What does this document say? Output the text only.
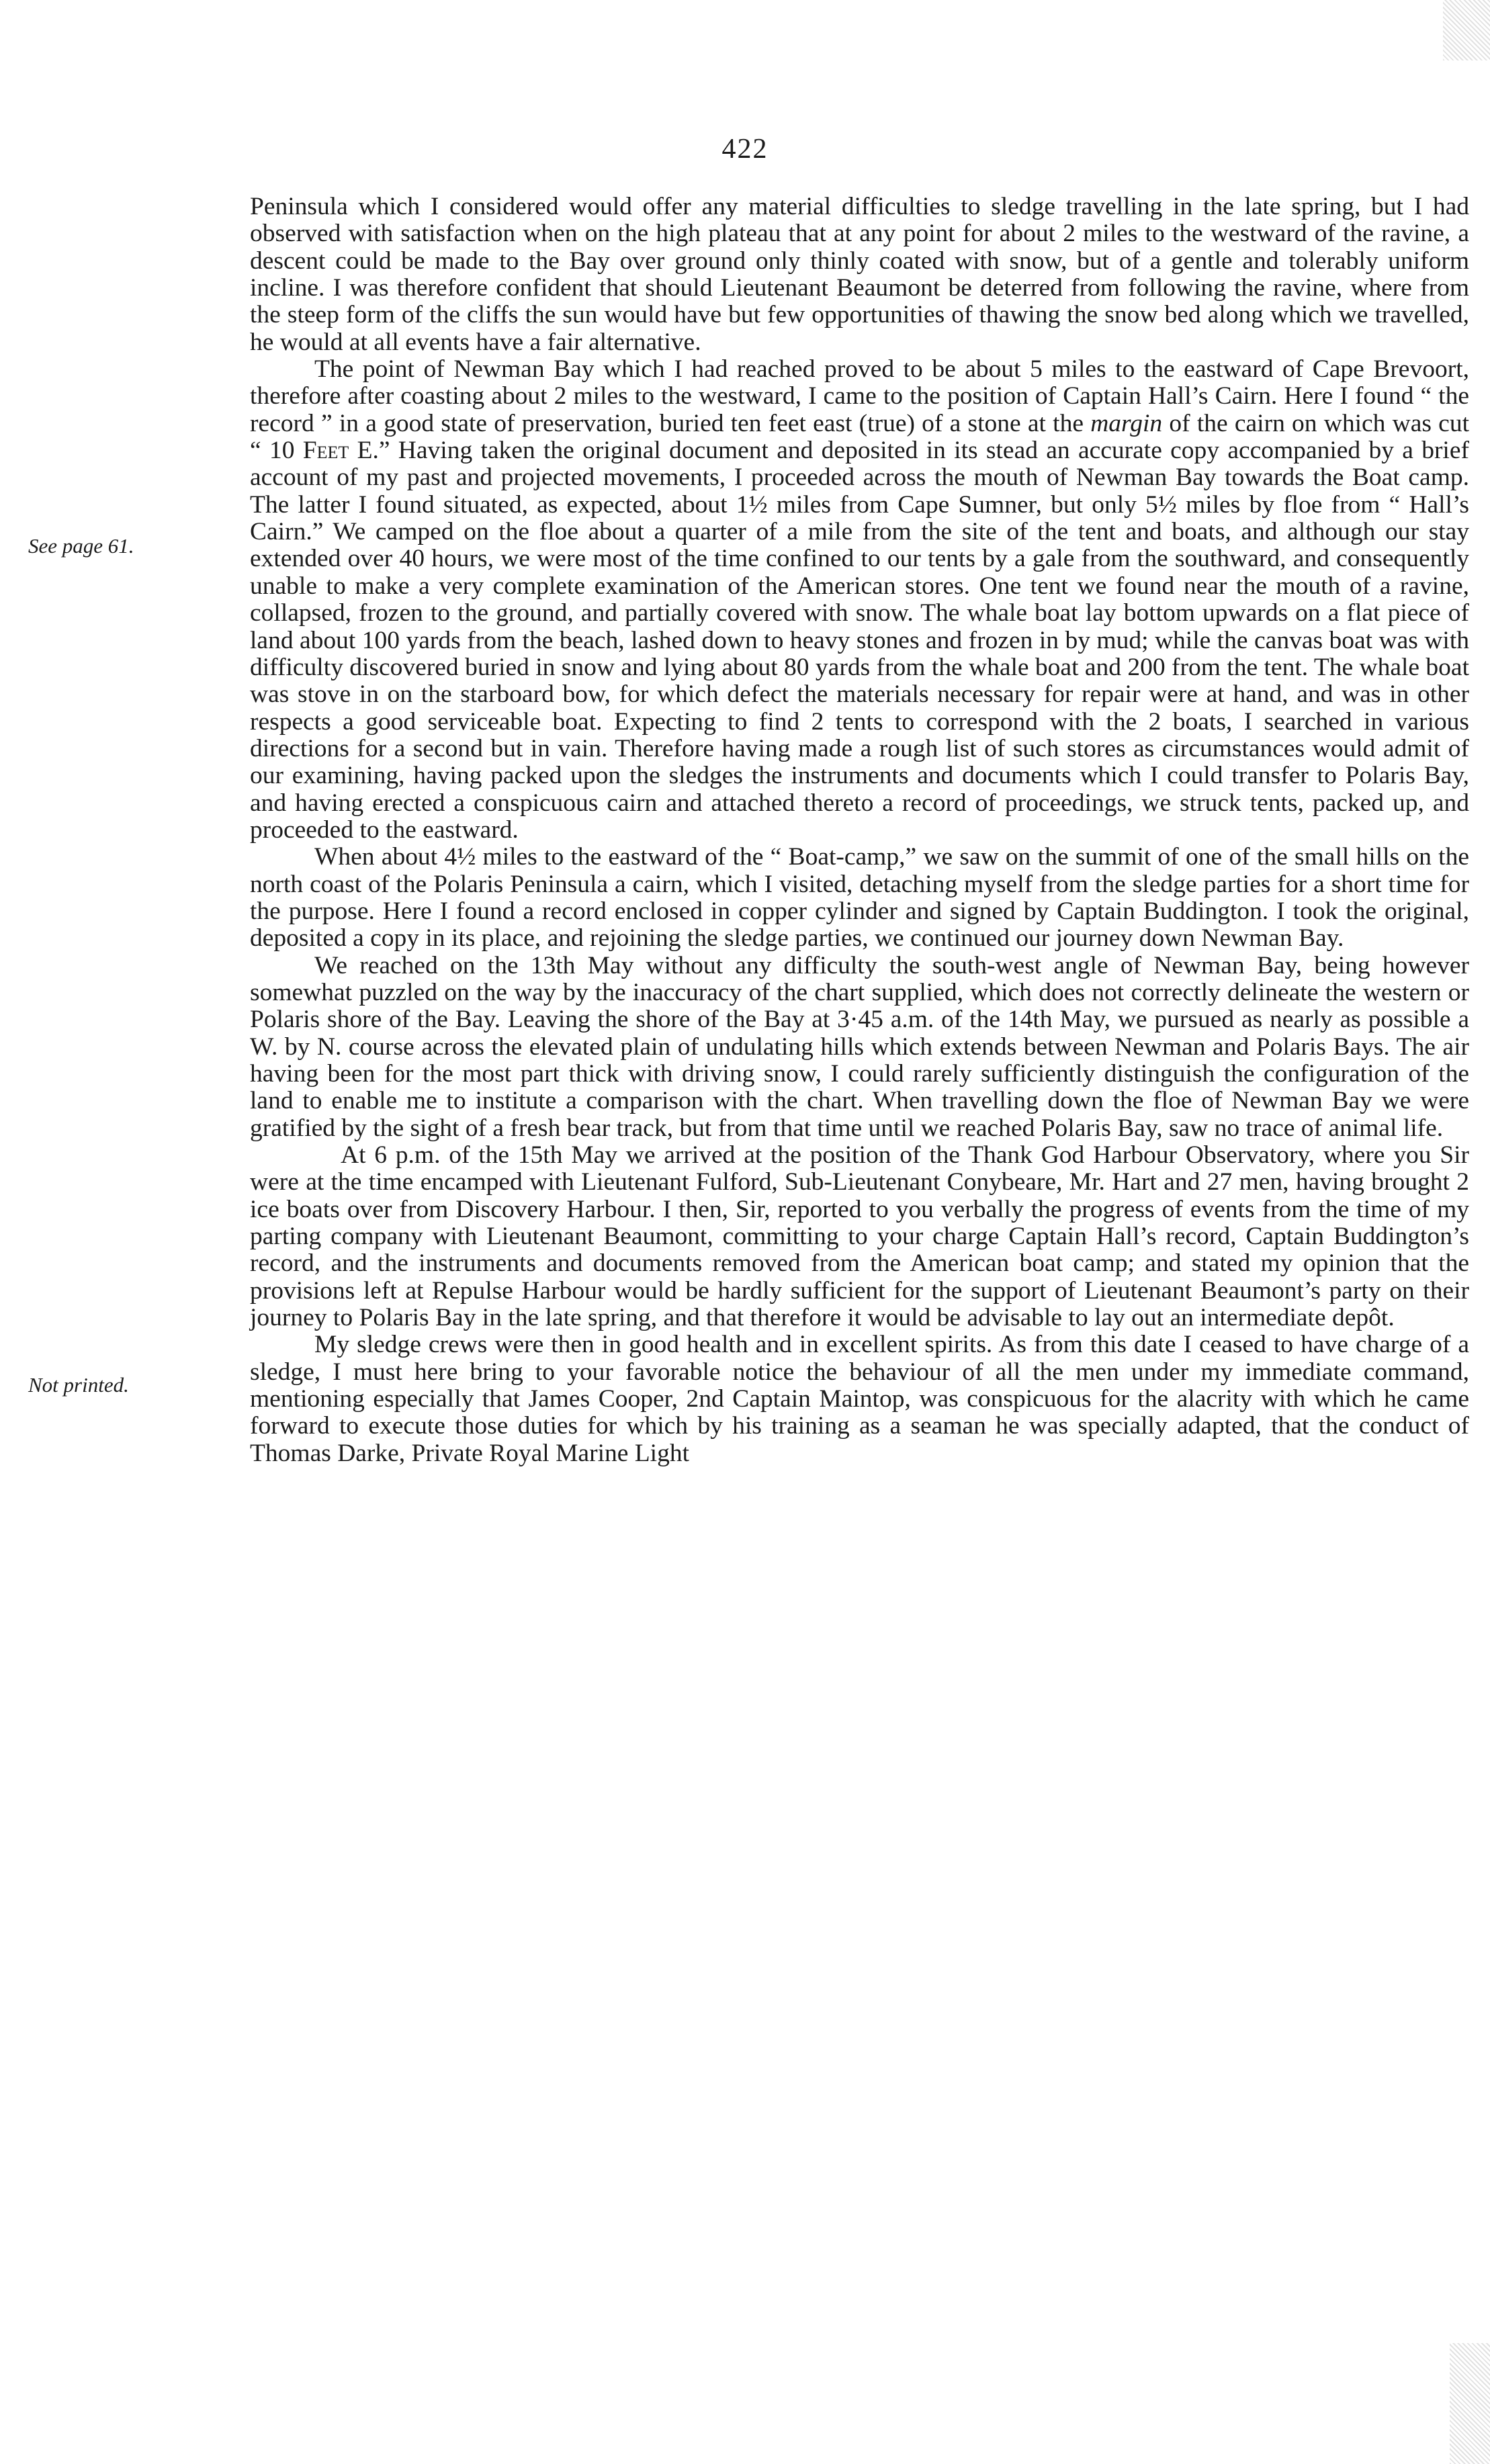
422
See page 61.
Not printed.

Peninsula which I considered would offer any material difficulties to sledge travelling in the late spring, but I had observed with satisfaction when on the high plateau that at any point for about 2 miles to the westward of the ravine, a descent could be made to the Bay over ground only thinly coated with snow, but of a gentle and tolerably uniform incline. I was therefore confident that should Lieutenant Beaumont be deterred from following the ravine, where from the steep form of the cliffs the sun would have but few opportunities of thawing the snow bed along which we travelled, he would at all events have a fair alternative.

The point of Newman Bay which I had reached proved to be about 5 miles to the eastward of Cape Brevoort, therefore after coasting about 2 miles to the westward, I came to the position of Captain Hall’s Cairn. Here I found “ the record ” in a good state of preservation, buried ten feet east (true) of a stone at the margin of the cairn on which was cut “ 10 Feet E.” Having taken the original document and deposited in its stead an accurate copy accompanied by a brief account of my past and projected movements, I proceeded across the mouth of Newman Bay towards the Boat camp. The latter I found situated, as expected, about 1½ miles from Cape Sumner, but only 5½ miles by floe from “ Hall’s Cairn.” We camped on the floe about a quarter of a mile from the site of the tent and boats, and although our stay extended over 40 hours, we were most of the time confined to our tents by a gale from the southward, and consequently unable to make a very complete examination of the American stores. One tent we found near the mouth of a ravine, collapsed, frozen to the ground, and partially covered with snow. The whale boat lay bottom upwards on a flat piece of land about 100 yards from the beach, lashed down to heavy stones and frozen in by mud; while the canvas boat was with difficulty discovered buried in snow and lying about 80 yards from the whale boat and 200 from the tent. The whale boat was stove in on the starboard bow, for which defect the materials necessary for repair were at hand, and was in other respects a good serviceable boat. Expecting to find 2 tents to correspond with the 2 boats, I searched in various directions for a second but in vain. Therefore having made a rough list of such stores as circumstances would admit of our examining, having packed upon the sledges the instruments and documents which I could transfer to Polaris Bay, and having erected a conspicuous cairn and attached thereto a record of proceedings, we struck tents, packed up, and proceeded to the eastward.

When about 4½ miles to the eastward of the “ Boat-camp,” we saw on the summit of one of the small hills on the north coast of the Polaris Peninsula a cairn, which I visited, detaching myself from the sledge parties for a short time for the purpose. Here I found a record enclosed in copper cylinder and signed by Captain Buddington. I took the original, deposited a copy in its place, and rejoining the sledge parties, we continued our journey down Newman Bay.

We reached on the 13th May without any difficulty the south-west angle of Newman Bay, being however somewhat puzzled on the way by the inaccuracy of the chart supplied, which does not correctly delineate the western or Polaris shore of the Bay. Leaving the shore of the Bay at 3·45 a.m. of the 14th May, we pursued as nearly as possible a W. by N. course across the elevated plain of undulating hills which extends between Newman and Polaris Bays. The air having been for the most part thick with driving snow, I could rarely sufficiently distinguish the configuration of the land to enable me to institute a comparison with the chart. When travelling down the floe of Newman Bay we were gratified by the sight of a fresh bear track, but from that time until we reached Polaris Bay, saw no trace of animal life.

At 6 p.m. of the 15th May we arrived at the position of the Thank God Harbour Observatory, where you Sir were at the time encamped with Lieutenant Fulford, Sub-Lieutenant Conybeare, Mr. Hart and 27 men, having brought 2 ice boats over from Discovery Harbour. I then, Sir, reported to you verbally the progress of events from the time of my parting company with Lieutenant Beaumont, committing to your charge Captain Hall’s record, Captain Buddington’s record, and the instruments and documents removed from the American boat camp; and stated my opinion that the provisions left at Repulse Harbour would be hardly sufficient for the support of Lieutenant Beaumont’s party on their journey to Polaris Bay in the late spring, and that therefore it would be advisable to lay out an intermediate depôt.

My sledge crews were then in good health and in excellent spirits. As from this date I ceased to have charge of a sledge, I must here bring to your favorable notice the behaviour of all the men under my immediate command, mentioning especially that James Cooper, 2nd Captain Maintop, was conspicuous for the alacrity with which he came forward to execute those duties for which by his training as a seaman he was specially adapted, that the conduct of Thomas Darke, Private Royal Marine Light
